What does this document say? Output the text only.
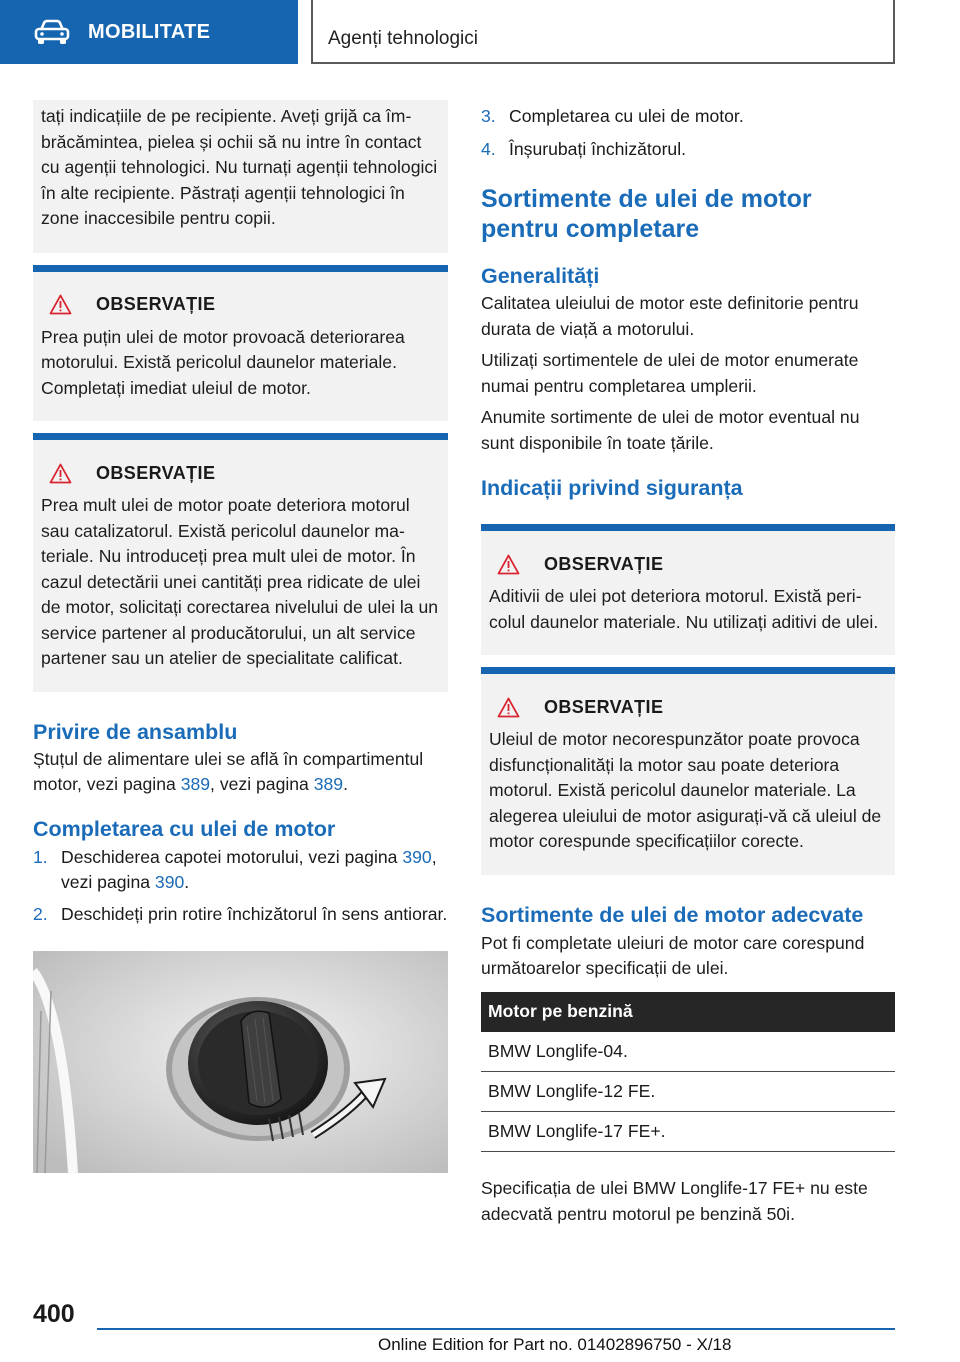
MOBILITATE	Agenți tehnologici

tați indicațiile de pe recipiente. Aveți grijă ca îmbrăcămintea, pielea și ochii să nu intre în contact cu agenții tehnologici. Nu turnați agenții tehnologici în alte recipiente. Păstrați agenții tehnologici în zone inaccesibile pentru copii.

OBSERVAȚIE

Prea puțin ulei de motor provoacă deteriorarea motorului. Există pericolul daunelor materiale. Completați imediat uleiul de motor.

OBSERVAȚIE

Prea mult ulei de motor poate deteriora motorul sau catalizatorul. Există pericolul daunelor materiale. Nu introduceți prea mult ulei de motor. În cazul detectării unei cantități prea ridicate de ulei de motor, solicitați corectarea nivelului de ulei la un service partener al producătorului, un alt service partener sau un atelier de specialitate calificat.

Privire de ansamblu

Ștuțul de alimentare ulei se află în compartimentul motor, vezi pagina 389, vezi pagina 389.

Completarea cu ulei de motor
1. Deschiderea capotei motorului, vezi pagina 390, vezi pagina 390.
2. Deschideți prin rotire închizătorul în sens antiorar.
3. Completarea cu ulei de motor.
4. Înșurubați închizătorul.
Sortimente de ulei de motor pentru completare
Generalități

Calitatea uleiului de motor este definitorie pentru durata de viață a motorului.

Utilizați sortimentele de ulei de motor enumerate numai pentru completarea umplerii.

Anumite sortimente de ulei de motor eventual nu sunt disponibile în toate țările.

Indicații privind siguranța
OBSERVAȚIE

Aditivii de ulei pot deteriora motorul. Există pericolul daunelor materiale. Nu utilizați aditivi de ulei.

OBSERVAȚIE

Uleiul de motor necorespunzător poate provoca disfuncționalități la motor sau poate deteriora motorul. Există pericolul daunelor materiale. La alegerea uleiului de motor asigurați-vă că uleiul de motor corespunde specificațiilor corecte.

Sortimente de ulei de motor adecvate

Pot fi completate uleiuri de motor care corespund următoarelor specificații de ulei.

Motor pe benzină
BMW Longlife-04.
BMW Longlife-12 FE.
BMW Longlife-17 FE+.

Specificația de ulei BMW Longlife-17 FE+ nu este adecvată pentru motorul pe benzină 50i.

400
Online Edition for Part no. 01402896750 - X/18
